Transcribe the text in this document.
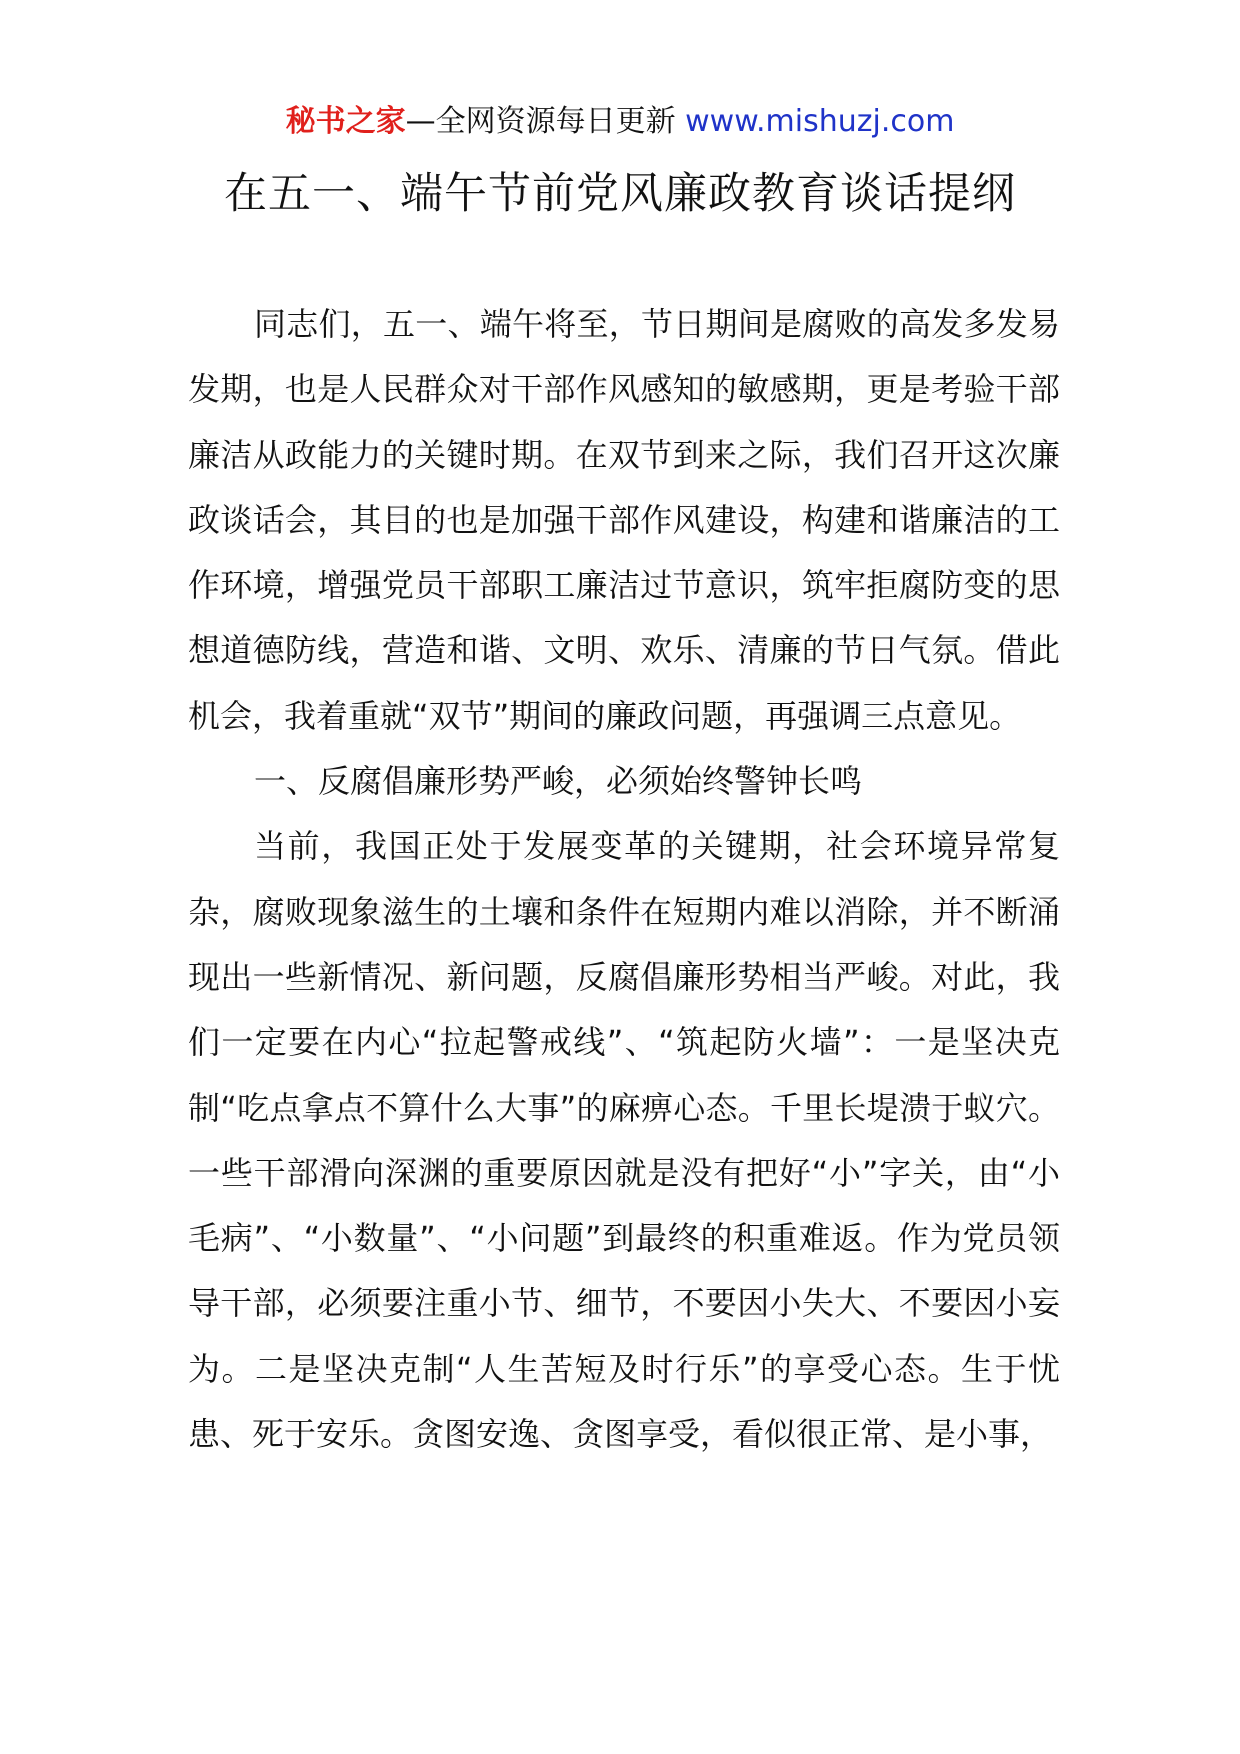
秘书之家—全网资源每日更新 www.mishuzj.com
在五一、端午节前党风廉政教育谈话提纲

同志们，五一、端午将至，节日期间是腐败的高发多发易发期，也是人民群众对干部作风感知的敏感期，更是考验干部廉洁从政能力的关键时期。在双节到来之际，我们召开这次廉政谈话会，其目的也是加强干部作风建设，构建和谐廉洁的工作环境，增强党员干部职工廉洁过节意识，筑牢拒腐防变的思想道德防线，营造和谐、文明、欢乐、清廉的节日气氛。借此机会，我着重就“双节”期间的廉政问题，再强调三点意见。

一、反腐倡廉形势严峻，必须始终警钟长鸣

当前，我国正处于发展变革的关键期，社会环境异常复杂，腐败现象滋生的土壤和条件在短期内难以消除，并不断涌现出一些新情况、新问题，反腐倡廉形势相当严峻。对此，我们一定要在内心“拉起警戒线”、“筑起防火墙”：一是坚决克制“吃点拿点不算什么大事”的麻痹心态。千里长堤溃于蚁穴。一些干部滑向深渊的重要原因就是没有把好“小”字关，由“小毛病”、“小数量”、“小问题”到最终的积重难返。作为党员领导干部，必须要注重小节、细节，不要因小失大、不要因小妄为。二是坚决克制“人生苦短及时行乐”的享受心态。生于忧患、死于安乐。贪图安逸、贪图享受，看似很正常、是小事，
